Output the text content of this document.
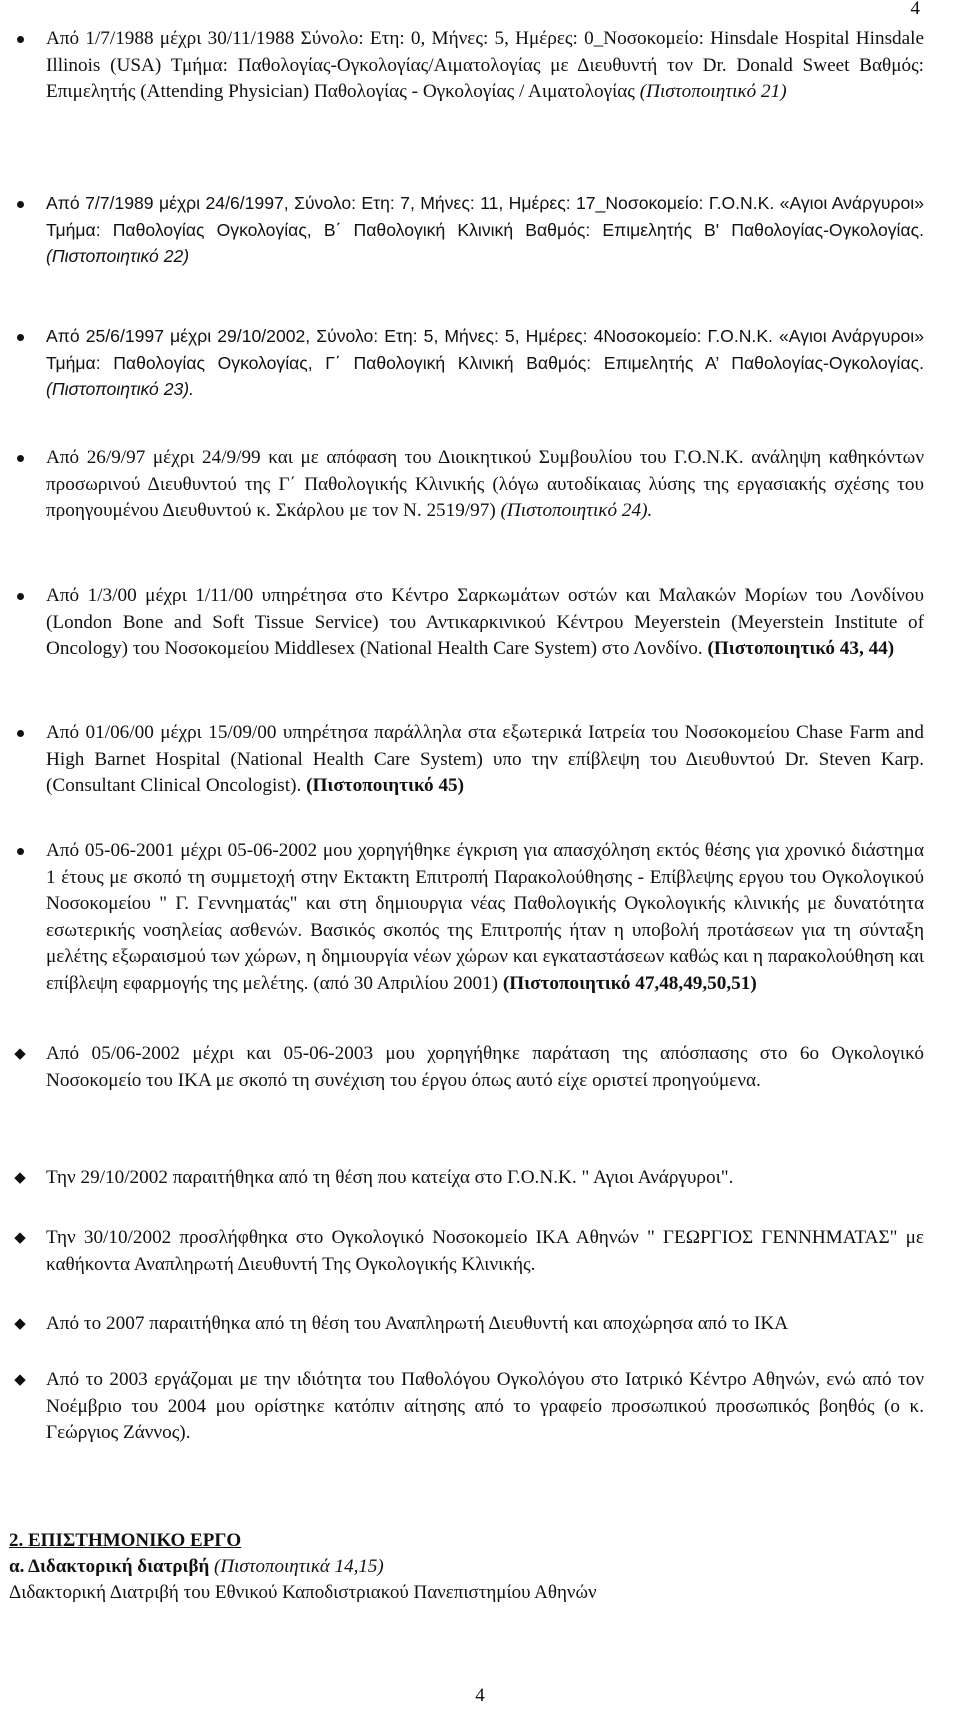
4

Από 1/7/1988 μέχρι 30/11/1988 Σύνολο: Ετη: 0, Μήνες: 5, Ημέρες: 0_Νοσοκομείο: Hinsdale Hospital Hinsdale Illinois (USA) Τμήμα: Παθολογίας-Ογκολογίας/Αιματολογίας με Διευθυντή τον Dr. Donald Sweet Βαθμός: Επιμελητής (Attending Physician) Παθολογίας - Ογκολογίας / Αιματολογίας (Πιστοποιητικό 21)

Από 7/7/1989 μέχρι 24/6/1997, Σύνολο: Ετη: 7, Μήνες: 11, Ημέρες: 17_Νοσοκομείο: Γ.Ο.Ν.Κ. «Αγιοι Ανάργυροι» Τμήμα: Παθολογίας Ογκολογίας, Β΄ Παθολογική Κλινική Βαθμός: Επιμελητής Β' Παθολογίας-Ογκολογίας. (Πιστοποιητικό 22)

Από 25/6/1997 μέχρι 29/10/2002, Σύνολο: Ετη: 5, Μήνες: 5, Ημέρες: 4Νοσοκομείο: Γ.Ο.Ν.Κ. «Αγιοι Ανάργυροι» Τμήμα: Παθολογίας Ογκολογίας, Γ΄ Παθολογική Κλινική Βαθμός: Επιμελητής Α’ Παθολογίας-Ογκολογίας. (Πιστοποιητικό 23).

Από 26/9/97 μέχρι 24/9/99 και με απόφαση του Διοικητικού Συμβουλίου του Γ.Ο.Ν.Κ. ανάληψη καθηκόντων προσωρινού Διευθυντού της Γ΄ Παθολογικής Κλινικής (λόγω αυτοδίκαιας λύσης της εργασιακής σχέσης του προηγουμένου Διευθυντού κ. Σκάρλου με τον Ν. 2519/97) (Πιστοποιητικό 24).

Από 1/3/00 μέχρι 1/11/00 υπηρέτησα στο Κέντρο Σαρκωμάτων οστών και Μαλακών Μορίων του Λονδίνου (London Bone and Soft Tissue Service) του Αντικαρκινικού Κέντρου Meyerstein (Meyerstein Institute of Oncology) του Νοσοκομείου Middlesex (National Health Care System) στο Λονδίνο. (Πιστοποιητικό 43, 44)

Από 01/06/00 μέχρι 15/09/00 υπηρέτησα παράλληλα στα εξωτερικά Ιατρεία του Νοσοκομείου Chase Farm and High Barnet Hospital (National Health Care System) υπο την επίβλεψη του Διευθυντού Dr. Steven Karp.(Consultant Clinical Oncologist). (Πιστοποιητικό 45)

Από 05-06-2001 μέχρι 05-06-2002 μου χορηγήθηκε έγκριση για απασχόληση εκτός θέσης για χρονικό διάστημα 1 έτους με σκοπό τη συμμετοχή στην Εκτακτη Επιτροπή Παρακολούθησης - Επίβλεψης εργου του Ογκολογικού Νοσοκομείου " Γ. Γεννηματάς" και στη δημιουργια νέας Παθολογικής Ογκολογικής κλινικής με δυνατότητα εσωτερικής νοσηλείας ασθενών. Βασικός σκοπός της Επιτροπής ήταν η υποβολή προτάσεων για τη σύνταξη μελέτης εξωραισμού των χώρων, η δημιουργία νέων χώρων και εγκαταστάσεων καθώς και η παρακολούθηση και επίβλεψη εφαρμογής της μελέτης. (από 30 Απριλίου 2001) (Πιστοποιητικό 47,48,49,50,51)

◆ Από 05/06-2002 μέχρι και 05-06-2003 μου χορηγήθηκε παράταση της απόσπασης στο 6ο Ογκολογικό Νοσοκομείο του ΙΚΑ με σκοπό τη συνέχιση του έργου όπως αυτό είχε οριστεί προηγούμενα.

◆ Την 29/10/2002 παραιτήθηκα από τη θέση που κατείχα στο Γ.Ο.Ν.Κ. " Αγιοι Ανάργυροι".

◆ Την 30/10/2002 προσλήφθηκα στο Ογκολογικό Νοσοκομείο ΙΚΑ Αθηνών " ΓΕΩΡΓΙΟΣ ΓΕΝΝΗΜΑΤΑΣ" με καθήκοντα Αναπληρωτή Διευθυντή Της Ογκολογικής Κλινικής.

◆ Από το 2007 παραιτήθηκα από τη θέση του Αναπληρωτή Διευθυντή και αποχώρησα από το ΙΚΑ

◆ Από το 2003 εργάζομαι με την ιδιότητα του Παθολόγου Ογκολόγου στο Ιατρικό Κέντρο Αθηνών, ενώ από τον Νοέμβριο του 2004 μου ορίστηκε κατόπιν αίτησης από το γραφείο προσωπικού προσωπικός βοηθός (ο κ. Γεώργιος Ζάννος).

2. ΕΠΙΣΤΗΜΟΝΙΚΟ ΕΡΓΟ
α. Διδακτορική διατριβή (Πιστοποιητικά 14,15)
Διδακτορική Διατριβή του Εθνικού Καποδιστριακού Πανεπιστημίου Αθηνών
4
